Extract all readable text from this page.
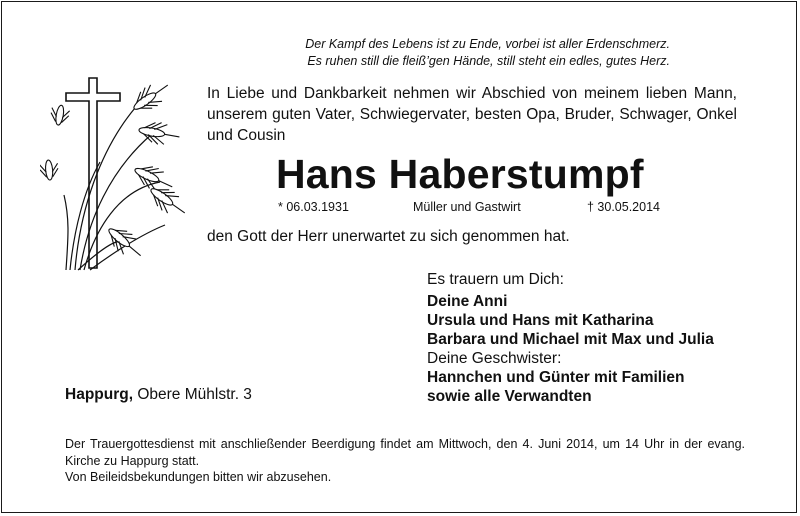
Der Kampf des Lebens ist zu Ende, vorbei ist aller Erdenschmerz.
Es ruhen still die fleiß’gen Hände, still steht ein edles, gutes Herz.
In Liebe und Dankbarkeit nehmen wir Abschied von meinem lieben Mann, unserem guten Vater, Schwiegervater, besten Opa, Bruder, Schwager, Onkel und Cousin
Hans Haberstumpf
* 06.03.1931	Müller und Gastwirt	† 30.05.2014
den Gott der Herr unerwartet zu sich genommen hat.
Es trauern um Dich:
Deine Anni
Ursula und Hans mit Katharina
Barbara und Michael mit Max und Julia
Deine Geschwister:
Hannchen und Günter mit Familien
sowie alle Verwandten
Happurg, Obere Mühlstr. 3
Der Trauergottesdienst mit anschließender Beerdigung findet am Mittwoch, den 4. Juni 2014, um 14 Uhr in der evang. Kirche zu Happurg statt.
Von Beileidsbekundungen bitten wir abzusehen.
